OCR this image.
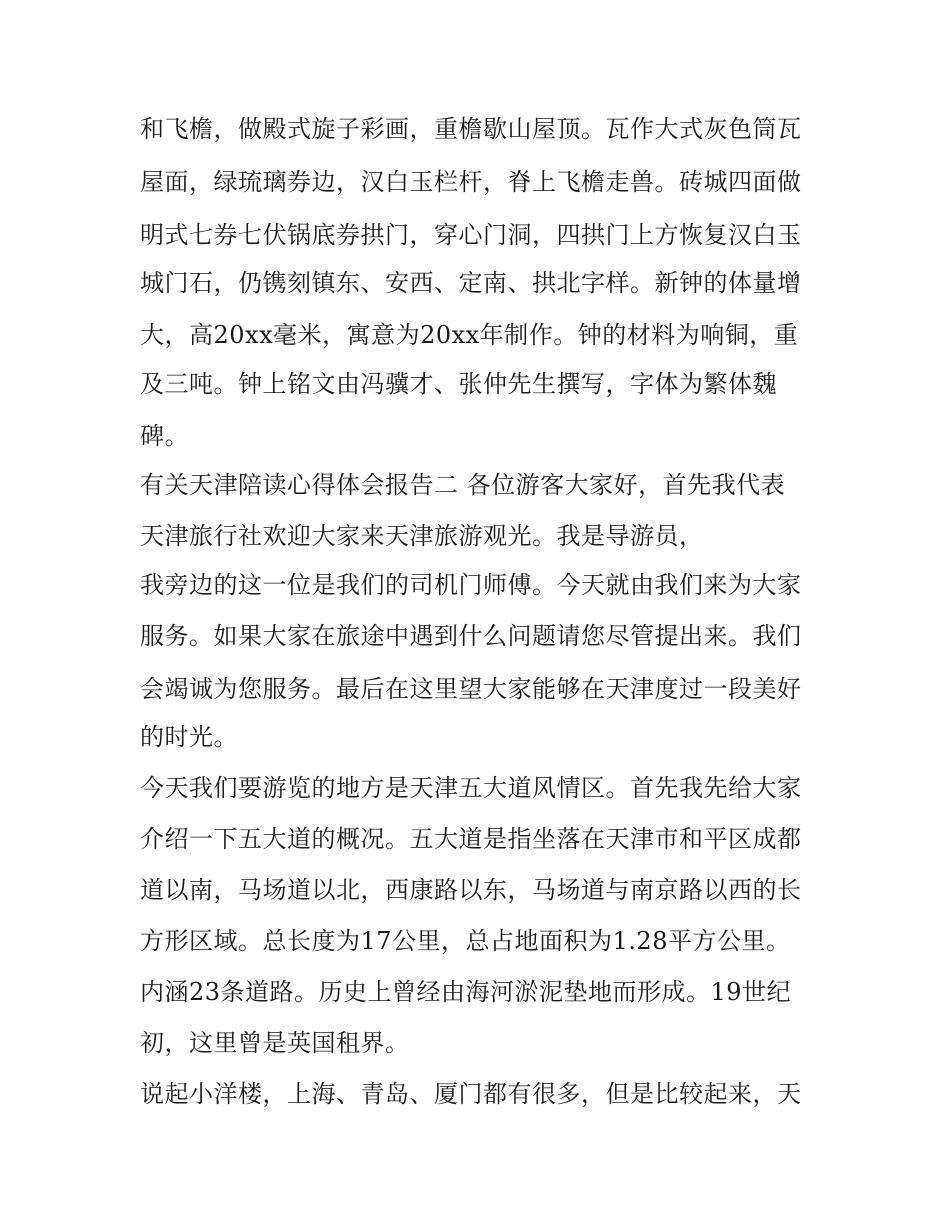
和飞檐，做殿式旋子彩画，重檐歇山屋顶。瓦作大式灰色筒瓦
屋面，绿琉璃券边，汉白玉栏杆，脊上飞檐走兽。砖城四面做
明式七券七伏锅底券拱门，穿心门洞，四拱门上方恢复汉白玉
城门石，仍镌刻镇东、安西、定南、拱北字样。新钟的体量增
大，高20xx毫米，寓意为20xx年制作。钟的材料为响铜，重
及三吨。钟上铭文由冯骥才、张仲先生撰写，字体为繁体魏
碑。
有关天津陪读心得体会报告二 各位游客大家好，首先我代表
天津旅行社欢迎大家来天津旅游观光。我是导游员，
我旁边的这一位是我们的司机门师傅。今天就由我们来为大家
服务。如果大家在旅途中遇到什么问题请您尽管提出来。我们
会竭诚为您服务。最后在这里望大家能够在天津度过一段美好
的时光。
今天我们要游览的地方是天津五大道风情区。首先我先给大家
介绍一下五大道的概况。五大道是指坐落在天津市和平区成都
道以南，马场道以北，西康路以东，马场道与南京路以西的长
方形区域。总长度为17公里，总占地面积为1.28平方公里。
内涵23条道路。历史上曾经由海河淤泥垫地而形成。19世纪
初，这里曾是英国租界。
说起小洋楼，上海、青岛、厦门都有很多，但是比较起来，天
